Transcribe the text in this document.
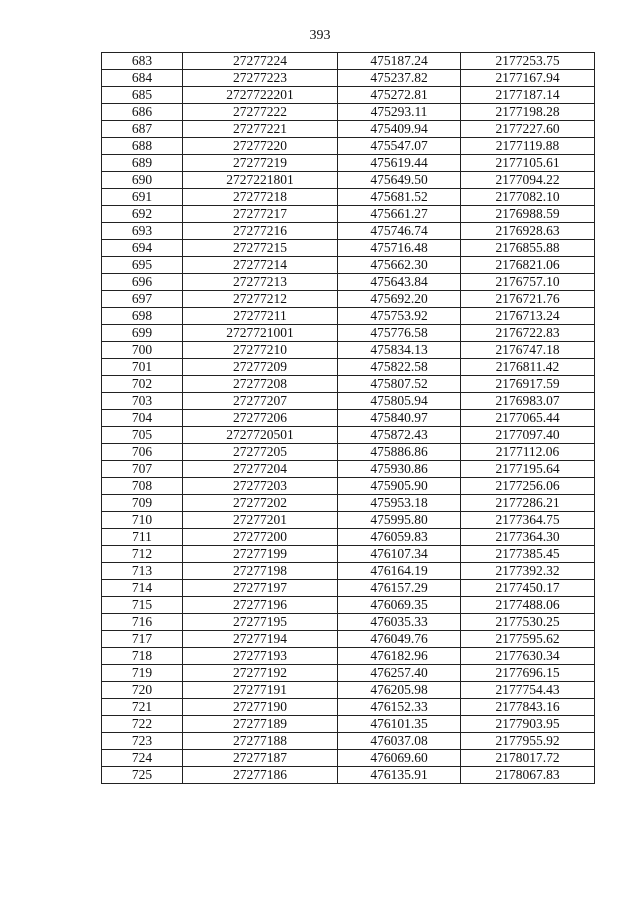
393
683	27277224	475187.24	2177253.75
684	27277223	475237.82	2177167.94
685	2727722201	475272.81	2177187.14
686	27277222	475293.11	2177198.28
687	27277221	475409.94	2177227.60
688	27277220	475547.07	2177119.88
689	27277219	475619.44	2177105.61
690	2727221801	475649.50	2177094.22
691	27277218	475681.52	2177082.10
692	27277217	475661.27	2176988.59
693	27277216	475746.74	2176928.63
694	27277215	475716.48	2176855.88
695	27277214	475662.30	2176821.06
696	27277213	475643.84	2176757.10
697	27277212	475692.20	2176721.76
698	27277211	475753.92	2176713.24
699	2727721001	475776.58	2176722.83
700	27277210	475834.13	2176747.18
701	27277209	475822.58	2176811.42
702	27277208	475807.52	2176917.59
703	27277207	475805.94	2176983.07
704	27277206	475840.97	2177065.44
705	2727720501	475872.43	2177097.40
706	27277205	475886.86	2177112.06
707	27277204	475930.86	2177195.64
708	27277203	475905.90	2177256.06
709	27277202	475953.18	2177286.21
710	27277201	475995.80	2177364.75
711	27277200	476059.83	2177364.30
712	27277199	476107.34	2177385.45
713	27277198	476164.19	2177392.32
714	27277197	476157.29	2177450.17
715	27277196	476069.35	2177488.06
716	27277195	476035.33	2177530.25
717	27277194	476049.76	2177595.62
718	27277193	476182.96	2177630.34
719	27277192	476257.40	2177696.15
720	27277191	476205.98	2177754.43
721	27277190	476152.33	2177843.16
722	27277189	476101.35	2177903.95
723	27277188	476037.08	2177955.92
724	27277187	476069.60	2178017.72
725	27277186	476135.91	2178067.83
